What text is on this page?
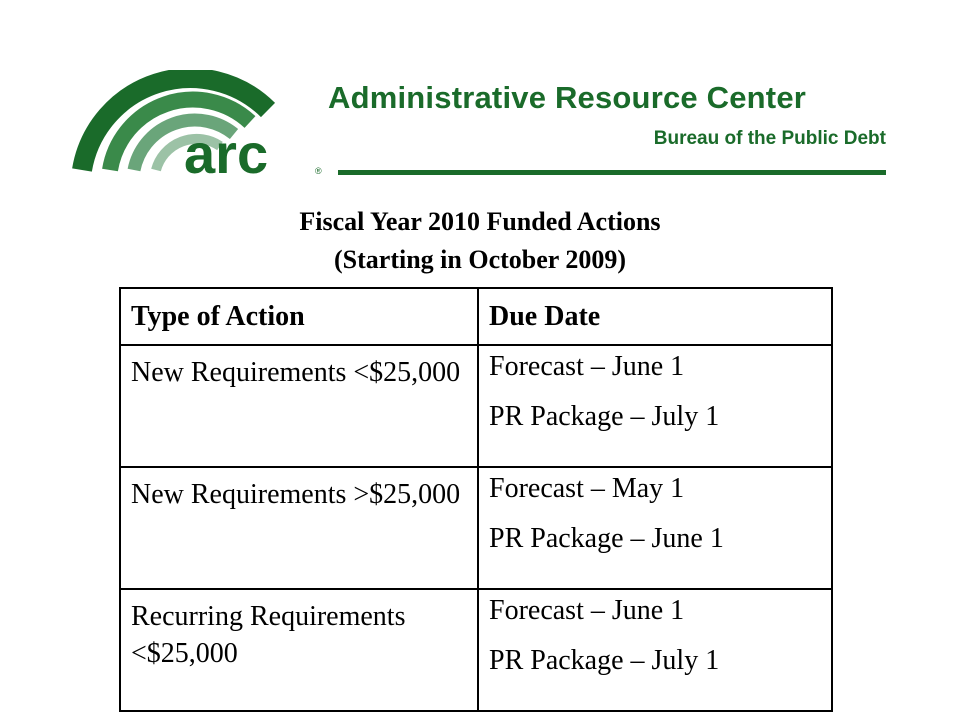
arc	®
Administrative Resource Center
Bureau of the Public Debt
Fiscal Year 2010 Funded Actions
(Starting in October 2009)
Type of Action	Due Date
New Requirements <$25,000	Forecast – June 1
PR Package – July 1

New Requirements >$25,000	Forecast – May 1
PR Package – June 1

Recurring Requirements <$25,000	Forecast – June 1
PR Package – July 1
